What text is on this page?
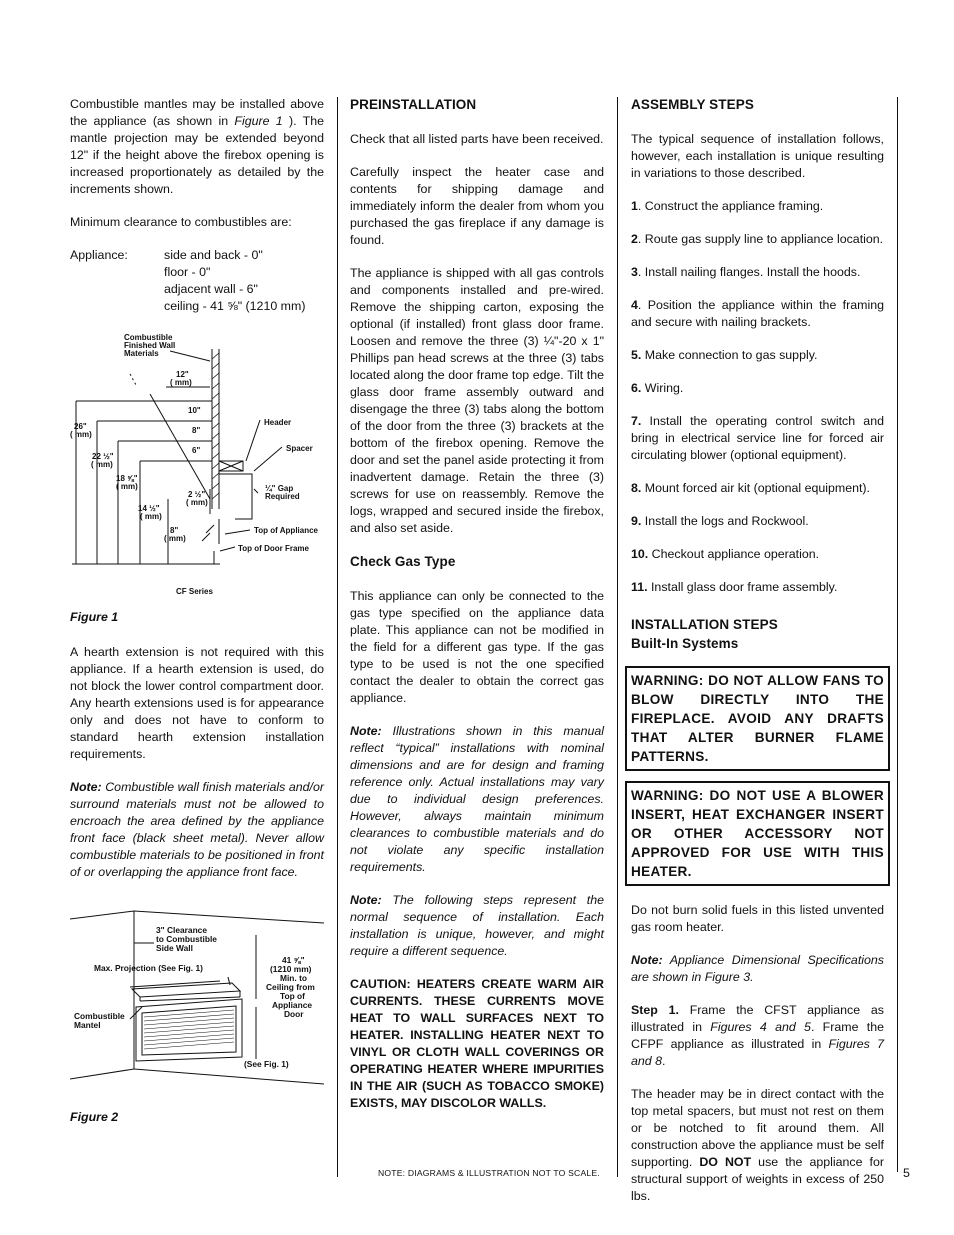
Combustible mantles may be installed above the appliance (as shown in Figure 1 ). The mantle projection may be extended beyond 12" if the height above the firebox opening is increased proportionately as detailed by the increments shown.

Minimum clearance to combustibles are:

Appliance:	side and back - 0"
floor - 0"
adjacent wall - 6"
ceiling - 41 ⅝" (1210 mm)
Combustible
Finished Wall
Materials
12"
( mm)
10"
8"
6"
Header
Spacer
26"
( mm)
22 ½"
( mm)
18 ⅝"
( mm)
2 ½"
( mm)
¼" Gap
Required
14 ½"
( mm)
8"
( mm)
Top of Appliance
Top of Door Frame
CF Series

Figure 1

A hearth extension is not required with this appliance. If a hearth extension is used, do not block the lower control compartment door. Any hearth extensions used is for appearance only and does not have to conform to standard hearth extension installation requirements.

Note: Combustible wall finish materials and/or surround materials must not be allowed to encroach the area defined by the appliance front face (black sheet metal). Never allow combustible materials to be positioned in front of or overlapping the appliance front face.

3" Clearance
to Combustible
Side Wall
Max. Projection (See Fig. 1)
41 ⅝"
(1210 mm)
Min. to
Ceiling from
Top of
Appliance
Door
Combustible
Mantel
(See Fig. 1)

Figure 2

PREINSTALLATION

Check that all listed parts have been received.

Carefully inspect the heater case and contents for shipping damage and immediately inform the dealer from whom you purchased the gas fireplace if any damage is found.

The appliance is shipped with all gas controls and components installed and pre-wired. Remove the shipping carton, exposing the optional (if installed) front glass door frame. Loosen and remove the three (3) ¼"-20 x 1" Phillips pan head screws at the three (3) tabs located along the door frame top edge. Tilt the glass door frame assembly outward and disengage the three (3) tabs along the bottom of the door from the three (3) brackets at the bottom of the firebox opening. Remove the door and set the panel aside protecting it from inadvertent damage. Retain the three (3) screws for use on reassembly. Remove the logs, wrapped and secured inside the firebox, and also set aside.

Check Gas Type

This appliance can only be connected to the gas type specified on the appliance data plate. This appliance can not be modified in the field for a different gas type. If the gas type to be used is not the one specified contact the dealer to obtain the correct gas appliance.

Note: Illustrations shown in this manual reflect “typical” installations with nominal dimensions and are for design and framing reference only. Actual installations may vary due to individual design preferences. However, always maintain minimum clearances to combustible materials and do not violate any specific installation requirements.

Note: The following steps represent the normal sequence of installation. Each installation is unique, however, and might require a different sequence.

CAUTION: HEATERS CREATE WARM AIR CURRENTS. THESE CURRENTS MOVE HEAT TO WALL SURFACES NEXT TO HEATER. INSTALLING HEATER NEXT TO VINYL OR CLOTH WALL COVERINGS OR OPERATING HEATER WHERE IMPURITIES IN THE AIR (SUCH AS TOBACCO SMOKE) EXISTS, MAY DISCOLOR WALLS.

ASSEMBLY STEPS

The typical sequence of installation follows, however, each installation is unique resulting in variations to those described.

1. Construct the appliance framing.

2. Route gas supply line to appliance location.

3. Install nailing flanges. Install the hoods.

4. Position the appliance within the framing and secure with nailing brackets.

5. Make connection to gas supply.

6. Wiring.

7. Install the operating control switch and bring in electrical service line for forced air circulating blower (optional equipment).

8. Mount forced air kit (optional equipment).

9. Install the logs and Rockwool.

10. Checkout appliance operation.

11. Install glass door frame assembly.

INSTALLATION STEPS
Built-In Systems
WARNING: DO NOT ALLOW FANS TO BLOW DIRECTLY INTO THE FIREPLACE. AVOID ANY DRAFTS THAT ALTER BURNER FLAME PATTERNS.
WARNING: DO NOT USE A BLOWER INSERT, HEAT EXCHANGER INSERT OR OTHER ACCESSORY NOT APPROVED FOR USE WITH THIS HEATER.

Do not burn solid fuels in this listed unvented gas room heater.

Note: Appliance Dimensional Specifications are shown in Figure 3.

Step 1. Frame the CFST appliance as illustrated in Figures 4 and 5. Frame the CFPF appliance as illustrated in Figures 7 and 8.

The header may be in direct contact with the top metal spacers, but must not rest on them or be notched to fit around them. All construction above the appliance must be self supporting. DO NOT use the appliance for structural support of weights in excess of 250 lbs.

NOTE: DIAGRAMS & ILLUSTRATION NOT TO SCALE.	5
